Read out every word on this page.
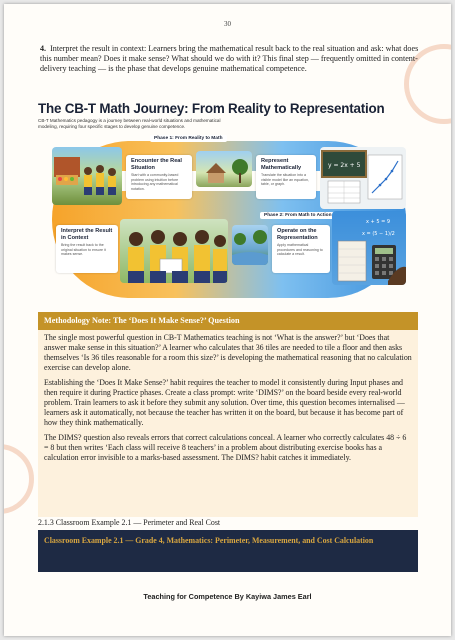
30
4. Interpret the result in context: Learners bring the mathematical result back to the real situation and ask: what does this number mean? Does it make sense? What should we do with it? This final step — frequently omitted in content-delivery teaching — is the phase that develops genuine mathematical competence.
The CB-T Math Journey: From Reality to Representation
CB-T Mathematics pedagogy is a journey between real-world situations and mathematical modeling, requiring four specific stages to develop genuine competence.
Phase 1: From Reality to Math
Phase 2: From Math to Action
Encounter the Real Situation
Start with a community-based problem using intuition before introducing any mathematical notation.
Represent Mathematically
Translate the situation into a visible model like an equation, table, or graph.
y = 2x + 5
Interpret the Result in Context
Bring the result back to the original situation to ensure it makes sense.
Operate on the Representation
Apply mathematical procedures and reasoning to calculate a result.
x + 5 = 9
x = (5 − 1)/2
Methodology Note: The ‘Does It Make Sense?’ Question

The single most powerful question in CB-T Mathematics teaching is not ‘What is the answer?’ but ‘Does that answer make sense in this situation?’ A learner who calculates that 36 tiles are needed to tile a floor and then asks themselves ‘Is 36 tiles reasonable for a room this size?’ is developing the mathematical reasoning that no calculation exercise can develop alone.

Establishing the ‘Does It Make Sense?’ habit requires the teacher to model it consistently during Input phases and then require it during Practice phases. Create a class prompt: write ‘DIMS?’ on the board beside every real-world problem. Train learners to ask it before they submit any solution. Over time, this question becomes internalised — learners ask it automatically, not because the teacher has written it on the board, but because it has become part of how they think mathematically.

The DIMS? question also reveals errors that correct calculations conceal. A learner who correctly calculates 48 ÷ 6 = 8 but then writes ‘Each class will receive 8 teachers’ in a problem about distributing exercise books has a calculation error invisible to a marks-based assessment. The DIMS? habit catches it immediately.

2.1.3 Classroom Example 2.1 — Perimeter and Real Cost
Classroom Example 2.1 — Grade 4, Mathematics: Perimeter, Measurement, and Cost Calculation
Teaching for Competence By Kayiwa James Earl
